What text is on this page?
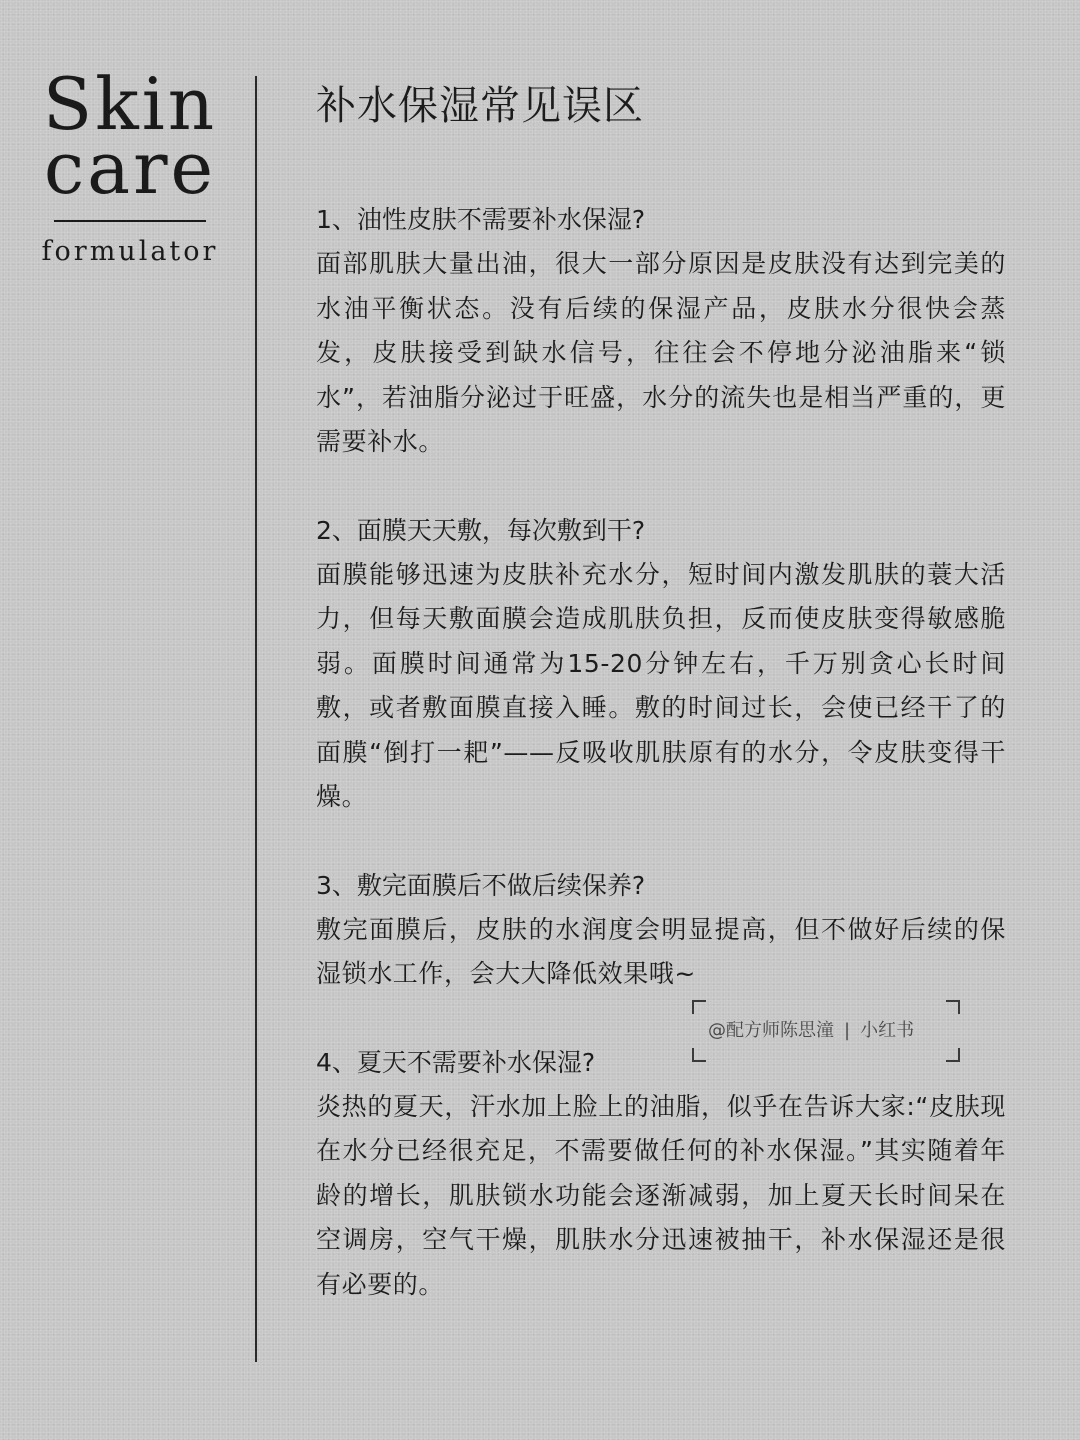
Skin
care
formulator
补水保湿常见误区
1、油性皮肤不需要补水保湿?

面部肌肤大量出油，很大一部分原因是皮肤没有达到完美的水油平衡状态。没有后续的保湿产品，皮肤水分很快会蒸发，皮肤接受到缺水信号，往往会不停地分泌油脂来“锁水”，若油脂分泌过于旺盛，水分的流失也是相当严重的，更需要补水。

2、面膜天天敷，每次敷到干?

面膜能够迅速为皮肤补充水分，短时间内激发肌肤的蓑大活力，但每天敷面膜会造成肌肤负担，反而使皮肤变得敏感脆弱。面膜时间通常为15-20分钟左右，千万别贪心长时间敷，或者敷面膜直接入睡。敷的时间过长，会使已经干了的面膜“倒打一耙”——反吸收肌肤原有的水分，令皮肤变得干燥。

3、敷完面膜后不做后续保养?

敷完面膜后，皮肤的水润度会明显提高，但不做好后续的保湿锁水工作，会大大降低效果哦~

4、夏天不需要补水保湿?

炎热的夏天，汗水加上脸上的油脂，似乎在告诉大家:“皮肤现在水分已经很充足，不需要做任何的补水保湿。”其实随着年龄的增长，肌肤锁水功能会逐渐减弱，加上夏天长时间呆在空调房，空气干燥，肌肤水分迅速被抽干，补水保湿还是很有必要的。

@配方师陈思潼 | 小红书
